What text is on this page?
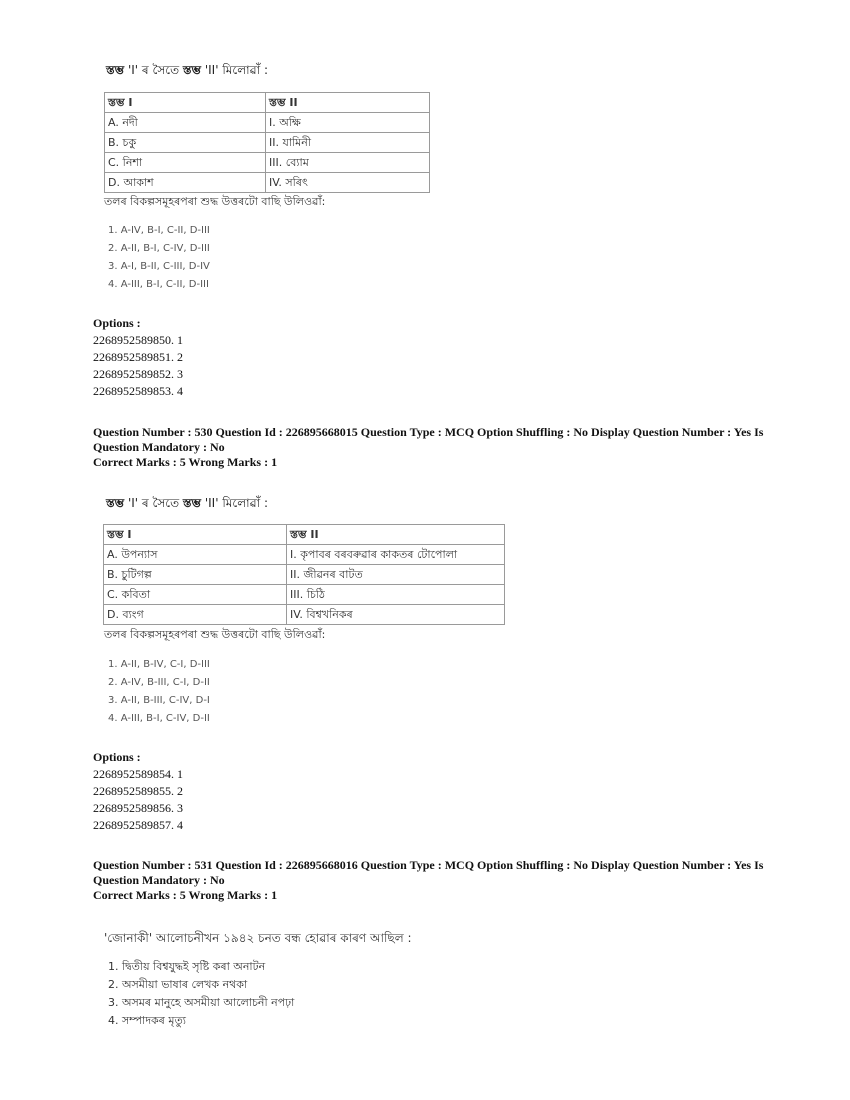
স্তম্ভ 'I' ৰ সৈতে স্তম্ভ 'II' মিলোৱাঁ :
স্তম্ভ I	স্তম্ভ II
A. নদী	I. অক্ষি
B. চকু	II. যামিনী
C. নিশা	III. ব্যোম
D. আকাশ	IV. সৰিৎ
তলৰ বিকল্পসমূহৰপৰা শুদ্ধ উত্তৰটো বাছি উলিওৱাঁ:
1. A-IV, B-I, C-II, D-III
2. A-II, B-I, C-IV, D-III
3. A-I, B-II, C-III, D-IV
4. A-III, B-I, C-II, D-III
Options :
2268952589850. 1
2268952589851. 2
2268952589852. 3
2268952589853. 4
Question Number : 530 Question Id : 226895668015 Question Type : MCQ Option Shuffling : No Display Question Number : Yes Is
Question Mandatory : No
Correct Marks : 5 Wrong Marks : 1
স্তম্ভ 'I' ৰ সৈতে স্তম্ভ 'II' মিলোৱাঁ :
স্তম্ভ I	স্তম্ভ II
A. উপন্যাস	I. কৃপাবৰ বৰবৰুৱাৰ কাকতৰ টোপোলা
B. চুটিগল্প	II. জীৱনৰ বাটত
C. কবিতা	III. চিঠি
D. ব্যংগ	IV. বিশ্বখনিকৰ
তলৰ বিকল্পসমূহৰপৰা শুদ্ধ উত্তৰটো বাছি উলিওৱাঁ:
1. A-II, B-IV, C-I, D-III
2. A-IV, B-III, C-I, D-II
3. A-II, B-III, C-IV, D-I
4. A-III, B-I, C-IV, D-II
Options :
2268952589854. 1
2268952589855. 2
2268952589856. 3
2268952589857. 4
Question Number : 531 Question Id : 226895668016 Question Type : MCQ Option Shuffling : No Display Question Number : Yes Is
Question Mandatory : No
Correct Marks : 5 Wrong Marks : 1
'জোনাকী' আলোচনীখন ১৯৪২ চনত বন্ধ হোৱাৰ কাৰণ আছিল :
1. দ্বিতীয় বিশ্বযুদ্ধই সৃষ্টি কৰা অনাটন
2. অসমীয়া ভাষাৰ লেখক নথকা
3. অসমৰ মানুহে অসমীয়া আলোচনী নপঢ়া
4. সম্পাদকৰ মৃত্যু
